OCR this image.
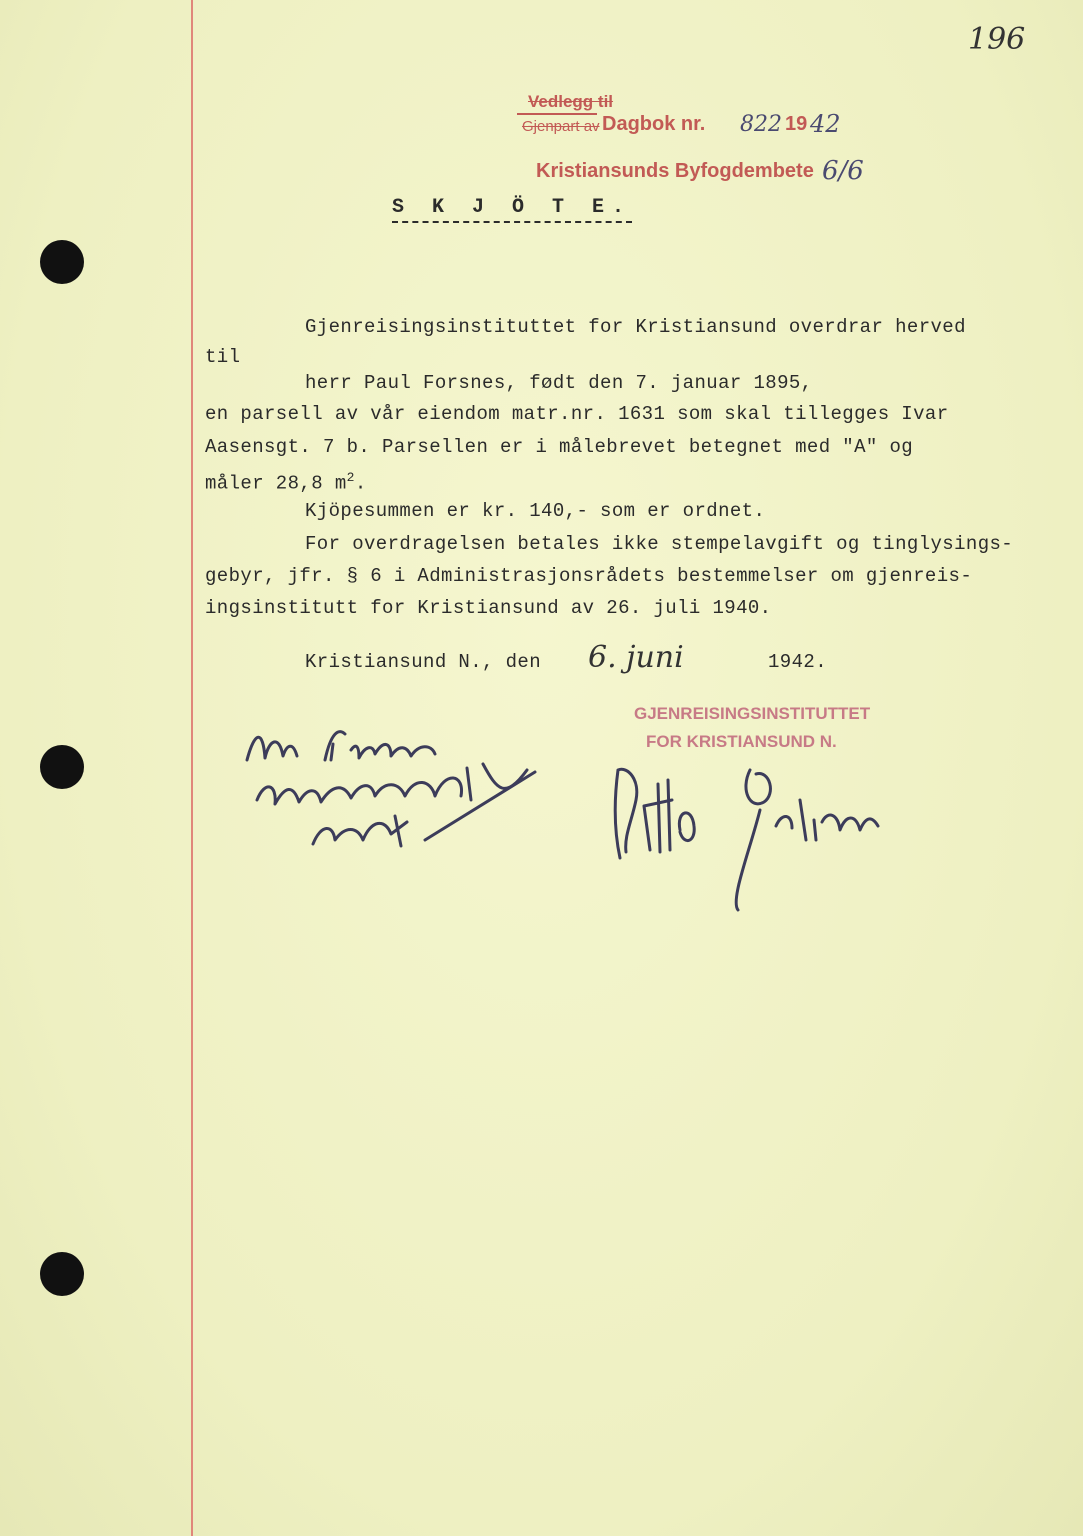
196
Vedlegg til
Gjenpart av Dagbok nr. 822 19 42
Kristiansunds Byfogdembete 6/6
S K J Ö T E.
Gjenreisingsinstituttet for Kristiansund overdrar herved
til
herr Paul Forsnes, født den 7. januar 1895,
en parsell av vår eiendom matr.nr. 1631 som skal tillegges Ivar
Aasensgt. 7 b. Parsellen er i målebrevet betegnet med "A" og
måler 28,8 $m^2$.
Kjöpesummen er kr. 140,- som er ordnet.
For overdragelsen betales ikke stempelavgift og tinglysings-
gebyr, jfr. § 6 i Administrasjonsrådets bestemmelser om gjenreis-
ingsinstitutt for Kristiansund av 26. juli 1940.
Kristiansund N., den 6. juni	1942.
GJENREISINGSINSTITUTTET
FOR KRISTIANSUND N.
